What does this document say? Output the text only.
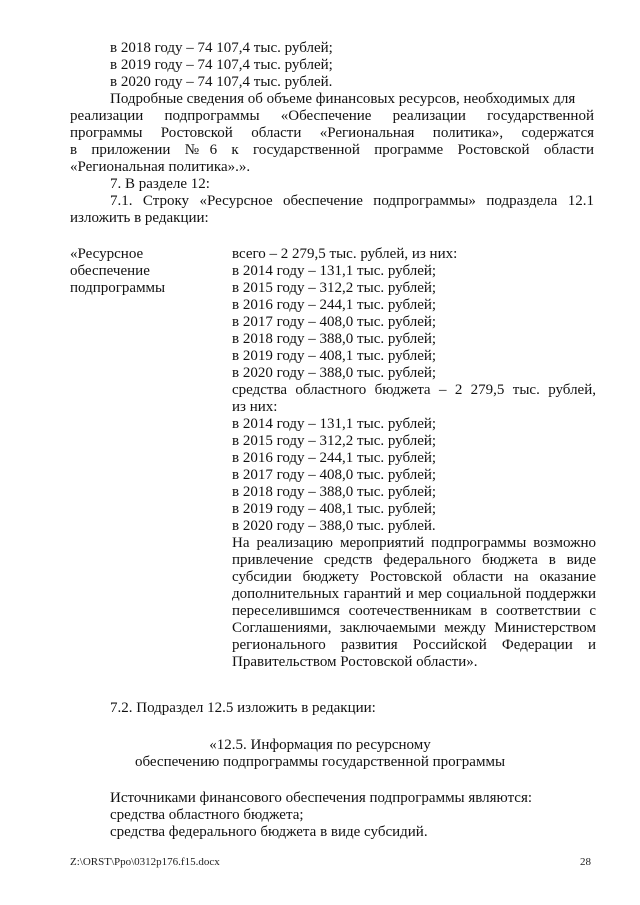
в 2018 году – 74 107,4 тыс. рублей;
в 2019 году – 74 107,4 тыс. рублей;
в 2020 году – 74 107,4 тыс. рублей.
Подробные сведения об объеме финансовых ресурсов, необходимых для
реализации подпрограммы «Обеспечение реализации государственной
программы Ростовской области «Региональная политика», содержатся
в приложении №6 к государственной программе Ростовской области
«Региональная политика».».
7. В разделе 12:
7.1. Строку «Ресурсное обеспечение подпрограммы» подраздела 12.1
изложить в редакции:
«Ресурсное
обеспечение
подпрограммы
всего – 2 279,5 тыс. рублей, из них:
в 2014 году – 131,1 тыс. рублей;
в 2015 году – 312,2 тыс. рублей;
в 2016 году – 244,1 тыс. рублей;
в 2017 году – 408,0 тыс. рублей;
в 2018 году – 388,0 тыс. рублей;
в 2019 году – 408,1 тыс. рублей;
в 2020 году – 388,0 тыс. рублей;
средства областного бюджета – 2 279,5 тыс. рублей,
из них:
в 2014 году – 131,1 тыс. рублей;
в 2015 году – 312,2 тыс. рублей;
в 2016 году – 244,1 тыс. рублей;
в 2017 году – 408,0 тыс. рублей;
в 2018 году – 388,0 тыс. рублей;
в 2019 году – 408,1 тыс. рублей;
в 2020 году – 388,0 тыс. рублей.
На реализацию мероприятий подпрограммы возможно
привлечение средств федерального бюджета в виде
субсидии бюджету Ростовской области на оказание
дополнительных гарантий и мер социальной поддержки
переселившимся соотечественникам в соответствии с
Соглашениями, заключаемыми между Министерством
регионального развития Российской Федерации и
Правительством Ростовской области».
7.2. Подраздел 12.5 изложить в редакции:
«12.5. Информация по ресурсному
обеспечению подпрограммы государственной программы
Источниками финансового обеспечения подпрограммы являются:
средства областного бюджета;
средства федерального бюджета в виде субсидий.
Z:\ORST\Ppo\0312p176.f15.docx	28
